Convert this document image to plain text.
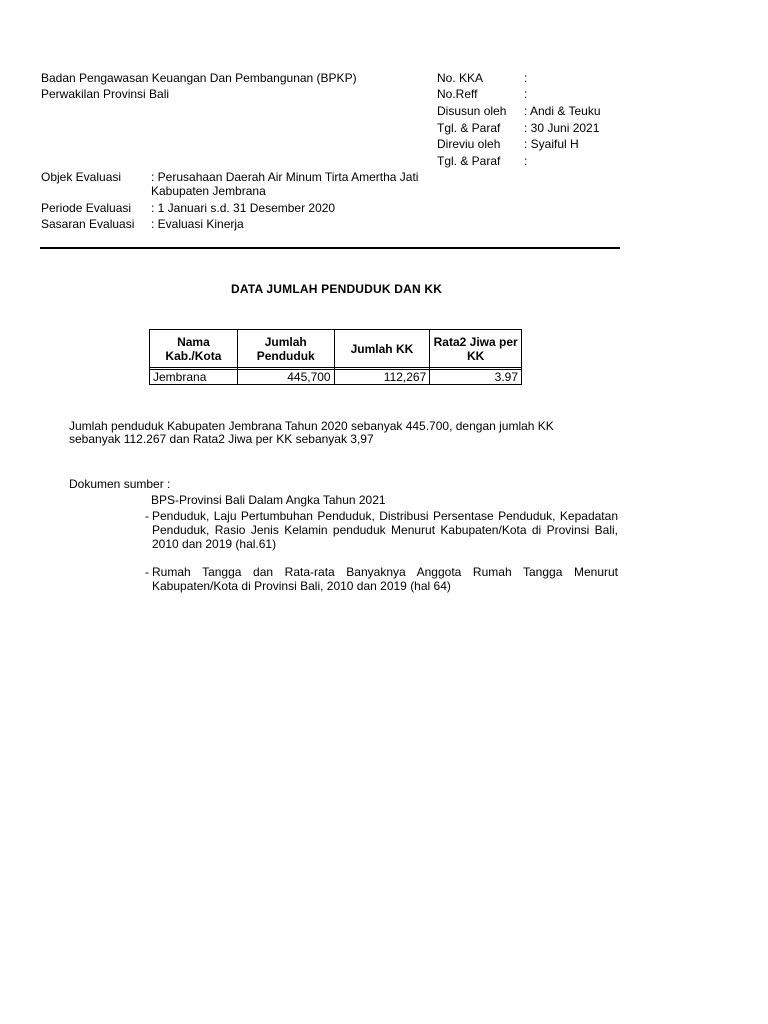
Badan Pengawasan Keuangan Dan Pembangunan (BPKP)
Perwakilan Provinsi Bali
No. KKA	:
No.Reff	:
Disusun oleh : Andi & Teuku
Tgl. & Paraf : 30 Juni 2021
Direviu oleh : Syaiful H
Tgl. & Paraf :
Objek Evaluasi : Perusahaan Daerah Air Minum Tirta Amertha Jati
Kabupaten Jembrana
Periode Evaluasi : 1 Januari s.d. 31 Desember 2020
Sasaran Evaluasi : Evaluasi Kinerja
DATA JUMLAH PENDUDUK DAN KK
Nama Kab./Kota	Jumlah Penduduk	Jumlah KK	Rata2 Jiwa per KK

Jembrana	445,700	112,267	3.97
Jumlah penduduk Kabupaten Jembrana Tahun 2020 sebanyak 445.700, dengan jumlah KK sebanyak 112.267 dan Rata2 Jiwa per KK sebanyak 3,97
Dokumen sumber :
BPS-Provinsi Bali Dalam Angka Tahun 2021
- Penduduk, Laju Pertumbuhan Penduduk, Distribusi Persentase Penduduk, Kepadatan Penduduk, Rasio Jenis Kelamin penduduk Menurut Kabupaten/Kota di Provinsi Bali, 2010 dan 2019 (hal.61)
- Rumah Tangga dan Rata-rata Banyaknya Anggota Rumah Tangga Menurut Kabupaten/Kota di Provinsi Bali, 2010 dan 2019 (hal 64)
